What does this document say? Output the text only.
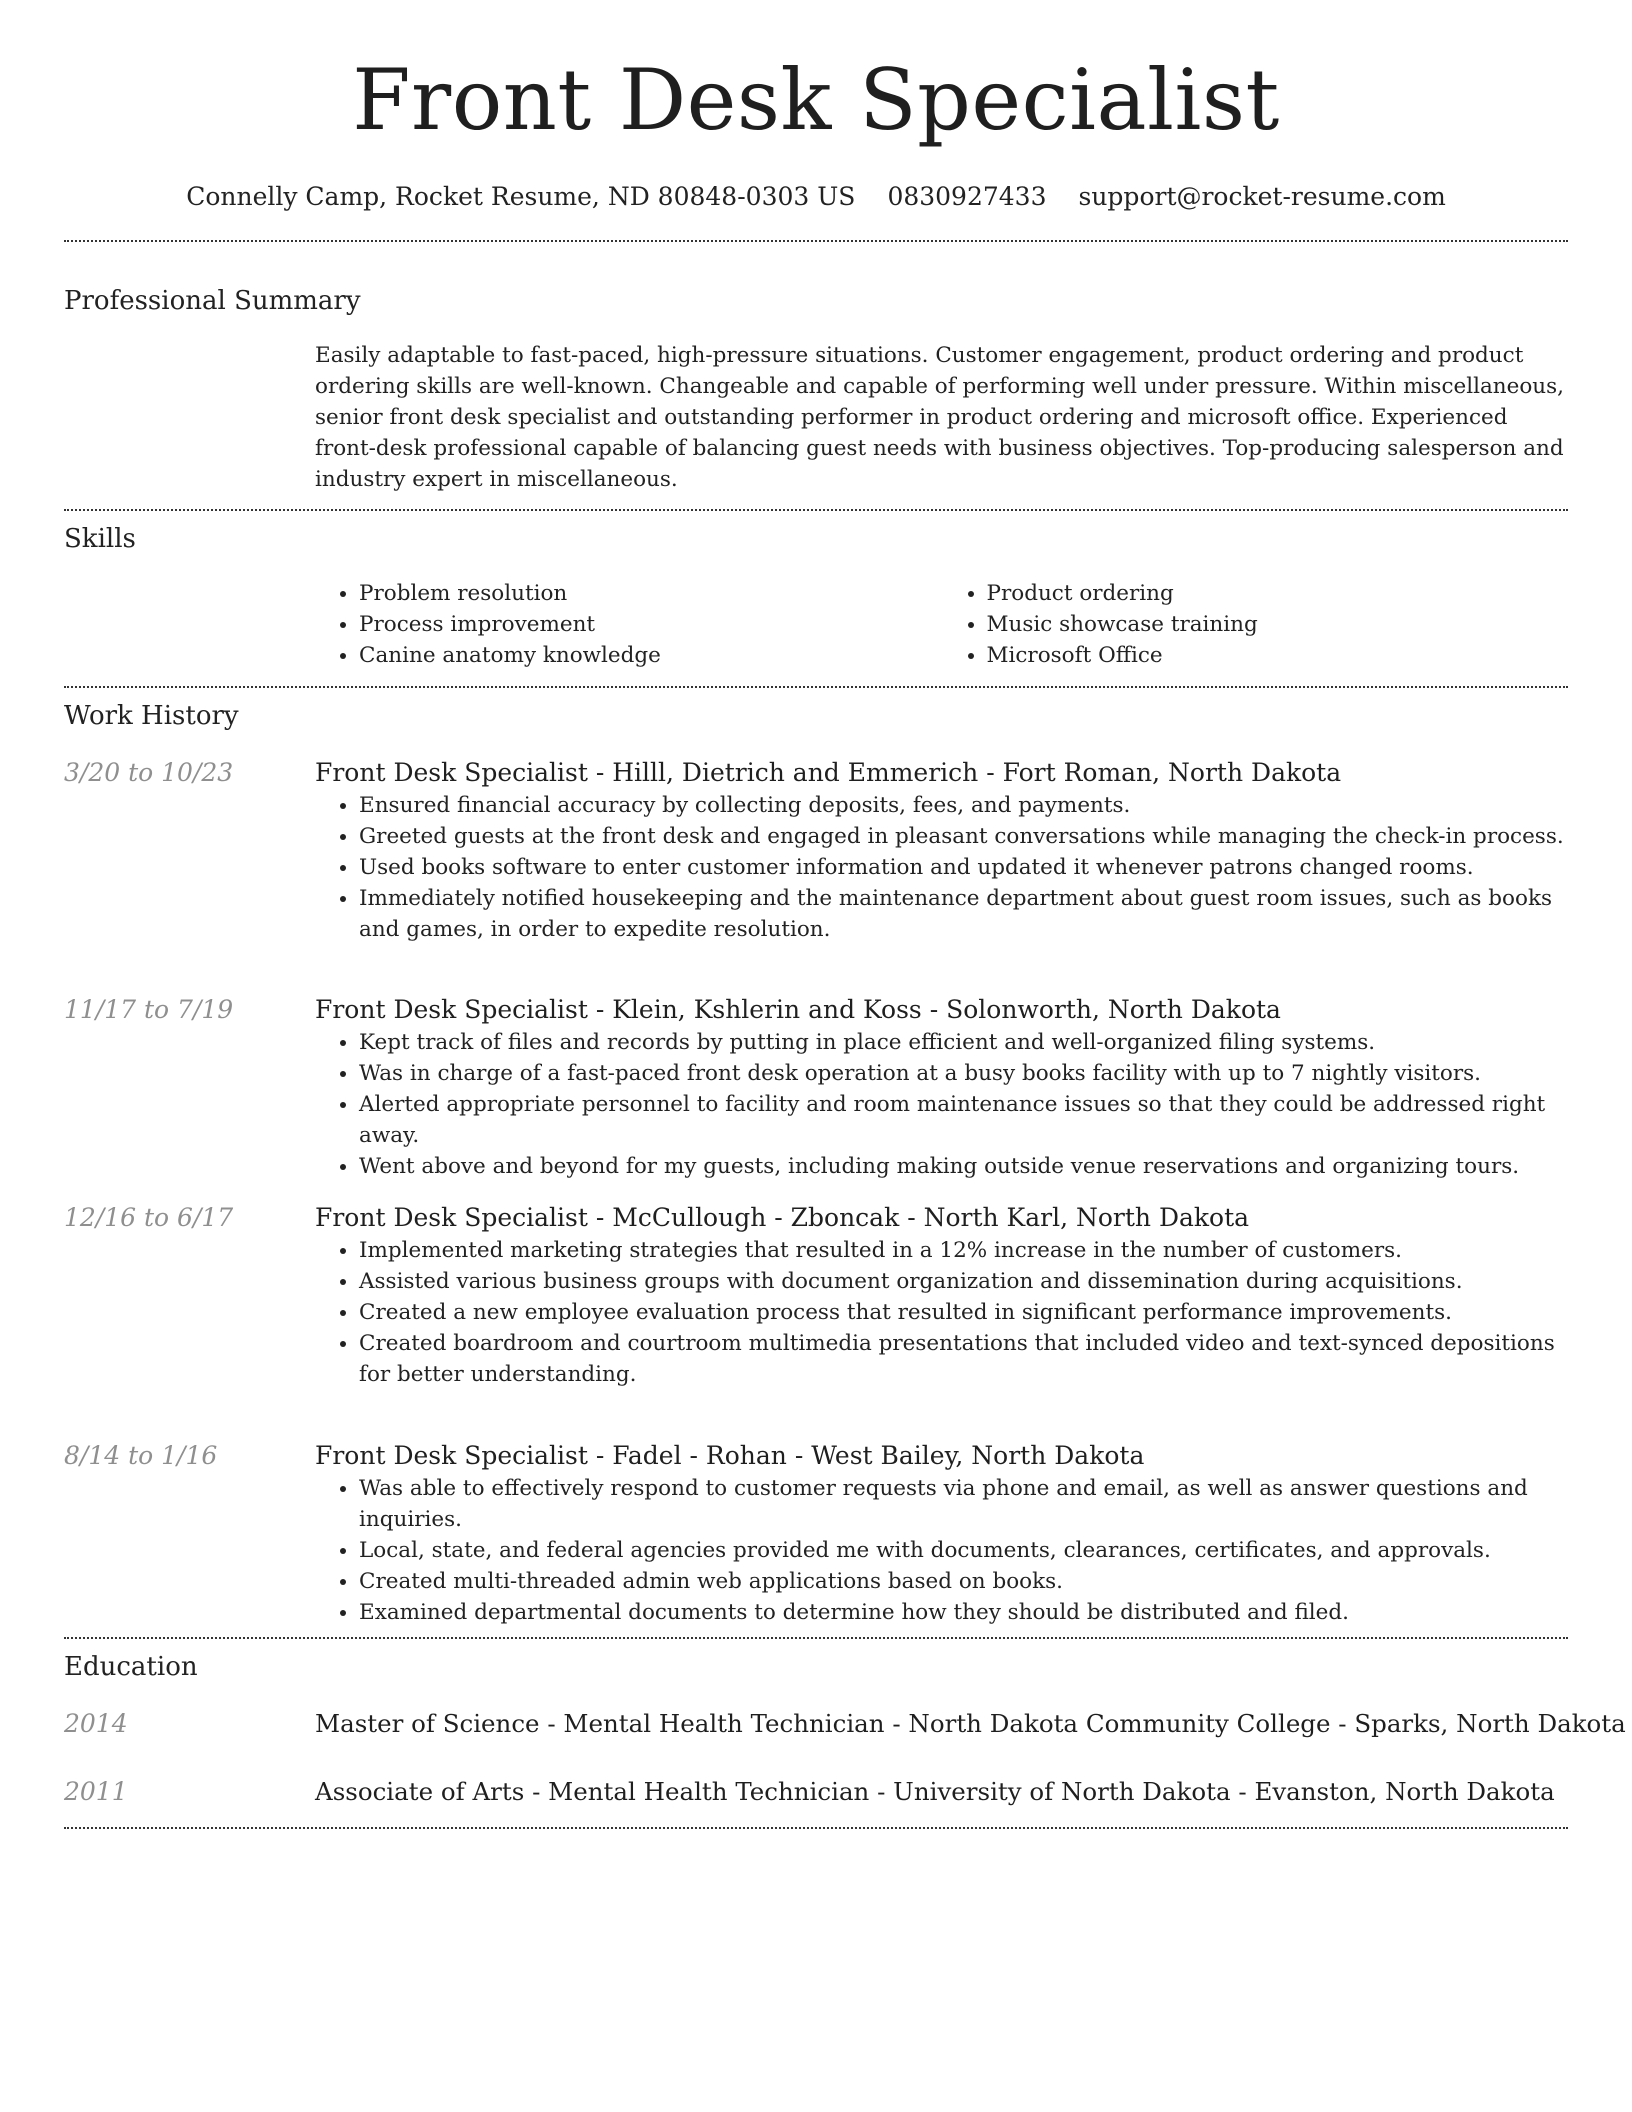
Front Desk Specialist
Connelly Camp, Rocket Resume, ND 80848-0303 US 0830927433 support@rocket-resume.com
Professional Summary

Easily adaptable to fast-paced, high-pressure situations. Customer engagement, product ordering and product ordering skills are well-known. Changeable and capable of performing well under pressure. Within miscellaneous, senior front desk specialist and outstanding performer in product ordering and microsoft office. Experienced front-desk professional capable of balancing guest needs with business objectives. Top-producing salesperson and industry expert in miscellaneous.

Skills
• Problem resolution
• Process improvement
• Canine anatomy knowledge
• Product ordering
• Music showcase training
• Microsoft Office
Work History
3/20 to 10/23	Front Desk Specialist - Hilll, Dietrich and Emmerich - Fort Roman, North Dakota
• Ensured financial accuracy by collecting deposits, fees, and payments.
• Greeted guests at the front desk and engaged in pleasant conversations while managing the check-in process.
• Used books software to enter customer information and updated it whenever patrons changed rooms.
• Immediately notified housekeeping and the maintenance department about guest room issues, such as books and games, in order to expedite resolution.
11/17 to 7/19	Front Desk Specialist - Klein, Kshlerin and Koss - Solonworth, North Dakota
• Kept track of files and records by putting in place efficient and well-organized filing systems.
• Was in charge of a fast-paced front desk operation at a busy books facility with up to 7 nightly visitors.
• Alerted appropriate personnel to facility and room maintenance issues so that they could be addressed right away.
• Went above and beyond for my guests, including making outside venue reservations and organizing tours.
12/16 to 6/17	Front Desk Specialist - McCullough - Zboncak - North Karl, North Dakota
• Implemented marketing strategies that resulted in a 12% increase in the number of customers.
• Assisted various business groups with document organization and dissemination during acquisitions.
• Created a new employee evaluation process that resulted in significant performance improvements.
• Created boardroom and courtroom multimedia presentations that included video and text-synced depositions for better understanding.
8/14 to 1/16	Front Desk Specialist - Fadel - Rohan - West Bailey, North Dakota
• Was able to effectively respond to customer requests via phone and email, as well as answer questions and inquiries.
• Local, state, and federal agencies provided me with documents, clearances, certificates, and approvals.
• Created multi-threaded admin web applications based on books.
• Examined departmental documents to determine how they should be distributed and filed.
Education
2014	Master of Science - Mental Health Technician - North Dakota Community College - Sparks, North Dakota
2011	Associate of Arts - Mental Health Technician - University of North Dakota - Evanston, North Dakota
